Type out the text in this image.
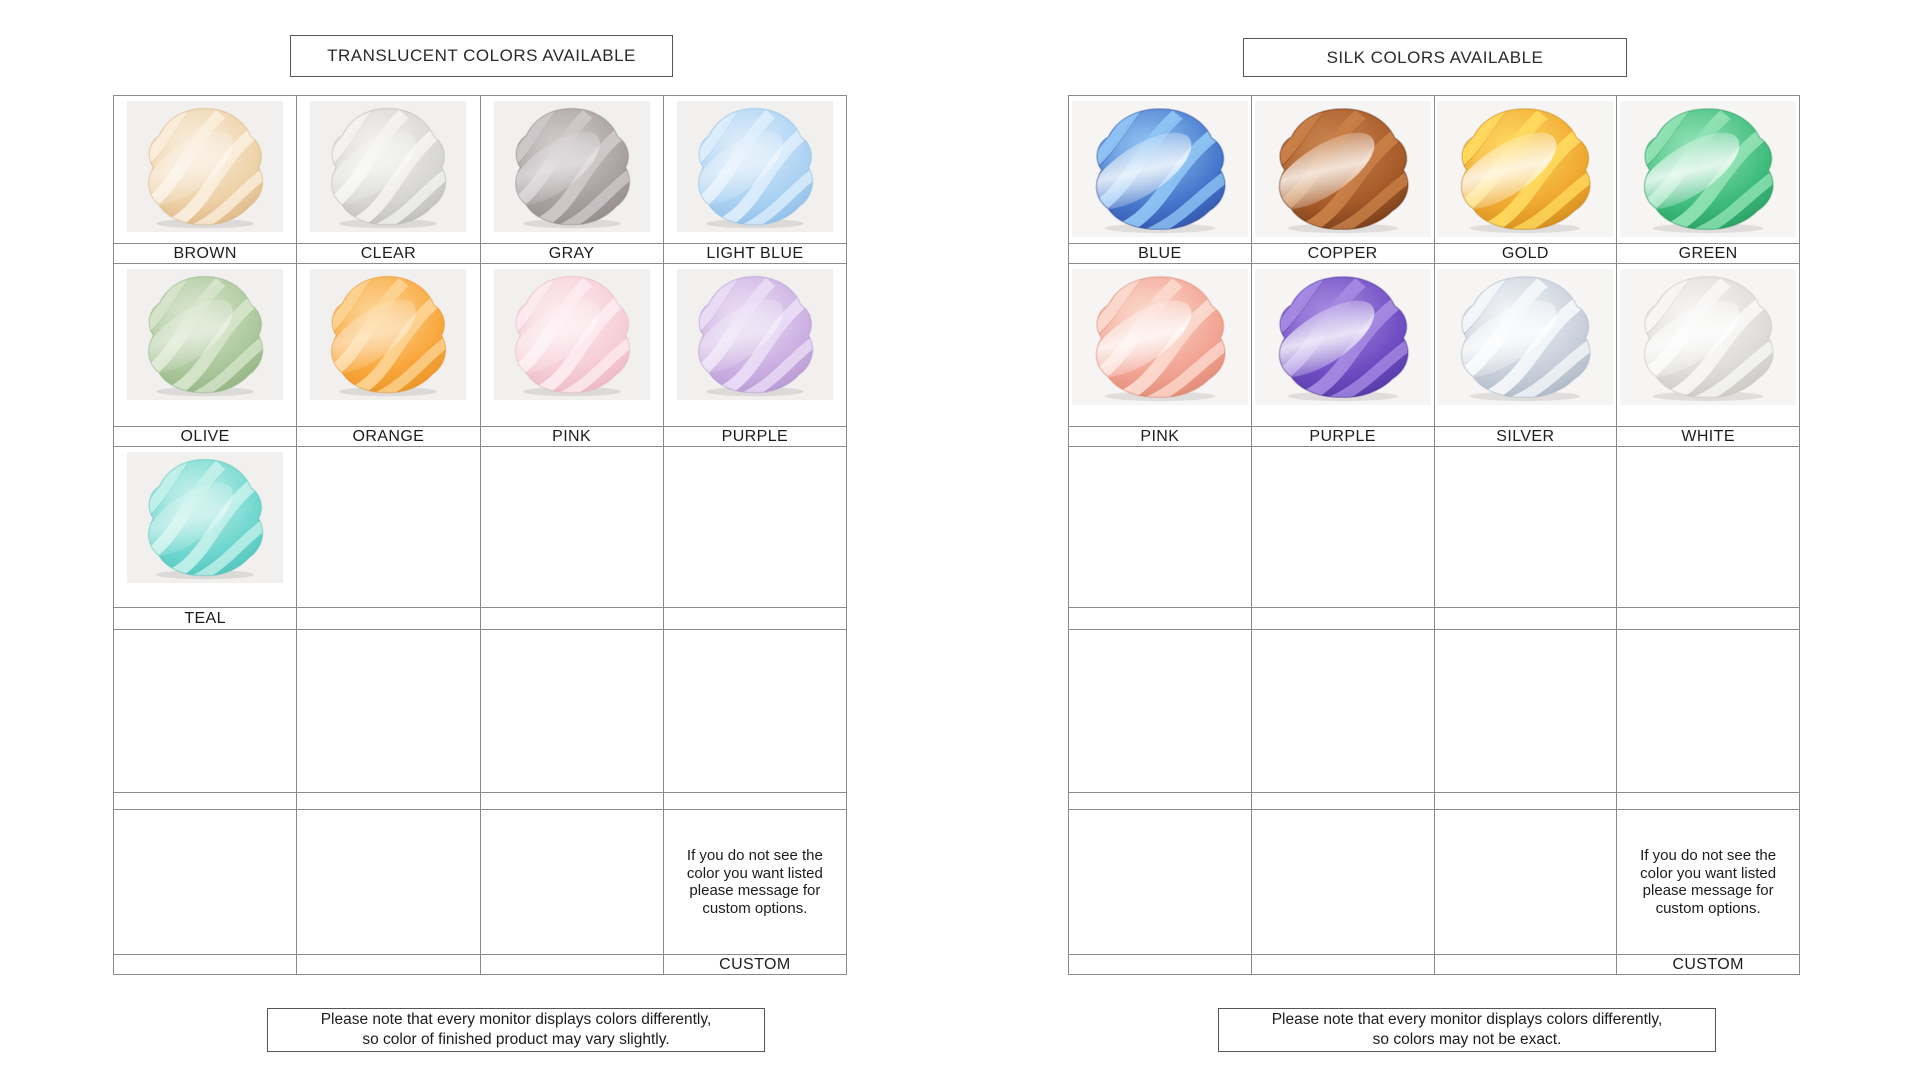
TRANSLUCENT COLORS AVAILABLE
BROWN	CLEAR	GRAY	LIGHT BLUE
OLIVE	ORANGE	PINK	PURPLE
TEAL
If you do not see the color you want listed please message for custom options.
CUSTOM
Please note that every monitor displays colors differently,
so color of finished product may vary slightly.
SILK COLORS AVAILABLE
BLUE	COPPER	GOLD	GREEN
PINK	PURPLE	SILVER	WHITE
If you do not see the color you want listed please message for custom options.
CUSTOM
Please note that every monitor displays colors differently,
so colors may not be exact.
